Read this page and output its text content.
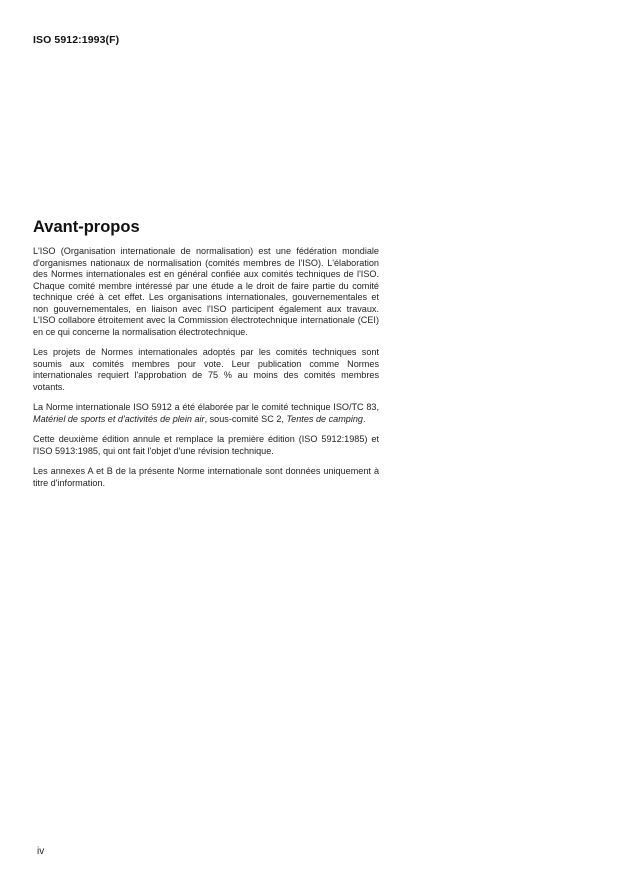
ISO 5912:1993(F)
Avant-propos

L'ISO (Organisation internationale de normalisation) est une fédération mondiale d'organismes nationaux de normalisation (comités membres de l'ISO). L'élaboration des Normes internationales est en général confiée aux comités techniques de l'ISO. Chaque comité membre intéressé par une étude a le droit de faire partie du comité technique créé à cet effet. Les organisations internationales, gouvernementales et non gouvernementales, en liaison avec l'ISO participent également aux travaux. L'ISO collabore étroitement avec la Commission électrotechnique internationale (CEI) en ce qui concerne la normalisation électrotechnique.

Les projets de Normes internationales adoptés par les comités techniques sont soumis aux comités membres pour vote. Leur publication comme Normes internationales requiert l'approbation de 75 % au moins des comités membres votants.

La Norme internationale ISO 5912 a été élaborée par le comité technique ISO/TC 83, Matériel de sports et d'activités de plein air, sous-comité SC 2, Tentes de camping.

Cette deuxième édition annule et remplace la première édition (ISO 5912:1985) et l'ISO 5913:1985, qui ont fait l'objet d'une révision technique.

Les annexes A et B de la présente Norme internationale sont données uniquement à titre d'information.

iv
